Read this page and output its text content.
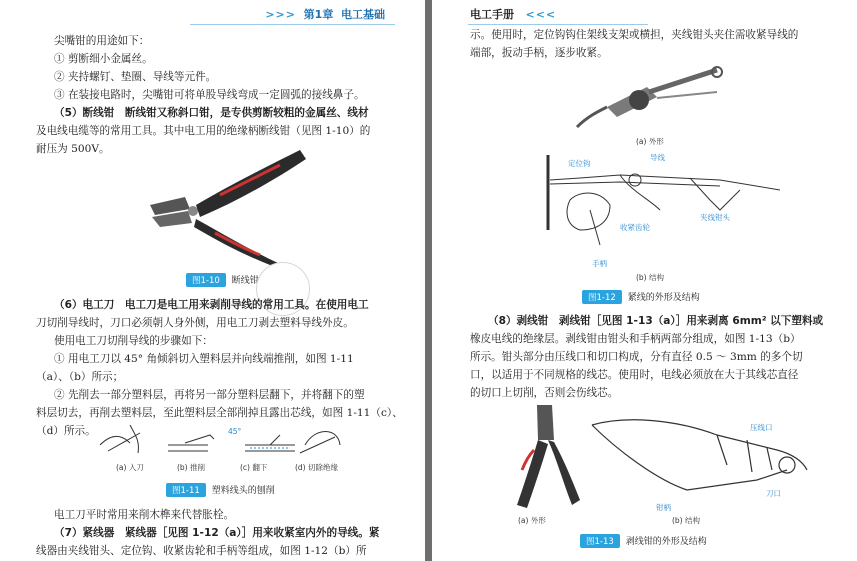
>>> 第1章 电工基础
尖嘴钳的用途如下：
① 剪断细小金属丝。
② 夹持螺钉、垫圈、导线等元件。
③ 在装接电路时，尖嘴钳可将单股导线弯成一定圆弧的接线鼻子。
（5）断线钳　断线钳又称斜口钳，是专供剪断较粗的金属丝、线材
及电线电缆等的常用工具。其中电工用的绝缘柄断线钳（见图 1-10）的
耐压为 500V。
图1-10 断线钳
（6）电工刀　电工刀是电工用来剥削导线的常用工具。在使用电工
刀切削导线时，刀口必须朝人身外侧，用电工刀剥去塑料导线外皮。
使用电工刀切削导线的步骤如下：
① 用电工刀以 45° 角倾斜切入塑料层并向线端推削，如图 1-11
（a）、（b）所示；
② 先削去一部分塑料层，再将另一部分塑料层翻下，并将翻下的塑
料层切去，再削去塑料层，至此塑料层全部削掉且露出芯线，如图 1-11（c）、（d）所示。	45°
(a) 入刀	(b) 推削	(c) 翻下	(d) 切除绝缘
图1-11 塑料线头的刨削
电工刀平时常用来削木榫来代替胀栓。
（7）紧线器　紧线器［见图 1-12（a）］用来收紧室内外的导线。紧
线器由夹线钳头、定位钩、收紧齿轮和手柄等组成，如图 1-12（b）所
电工手册 <<<
示。使用时，定位钩钩住架线支架或横担，夹线钳头夹住需收紧导线的
端部，扳动手柄，逐步收紧。
(a) 外形
定位钩
导线
收紧齿轮
夹线钳头
手柄
(b) 结构
图1-12 紧线的外形及结构
（8）剥线钳　剥线钳［见图 1-13（a）］用来剥离 6mm² 以下塑料或
橡皮电线的绝缘层。剥线钳由钳头和手柄两部分组成，如图 1-13（b）
所示。钳头部分由压线口和切口构成，分有直径 0.5 ～ 3mm 的多个切
口，以适用于不同规格的线芯。使用时，电线必须放在大于其线芯直径
的切口上切削，否则会伤线芯。
(a) 外形
压线口
刀口
钳柄
(b) 结构
图1-13 剥线钳的外形及结构
